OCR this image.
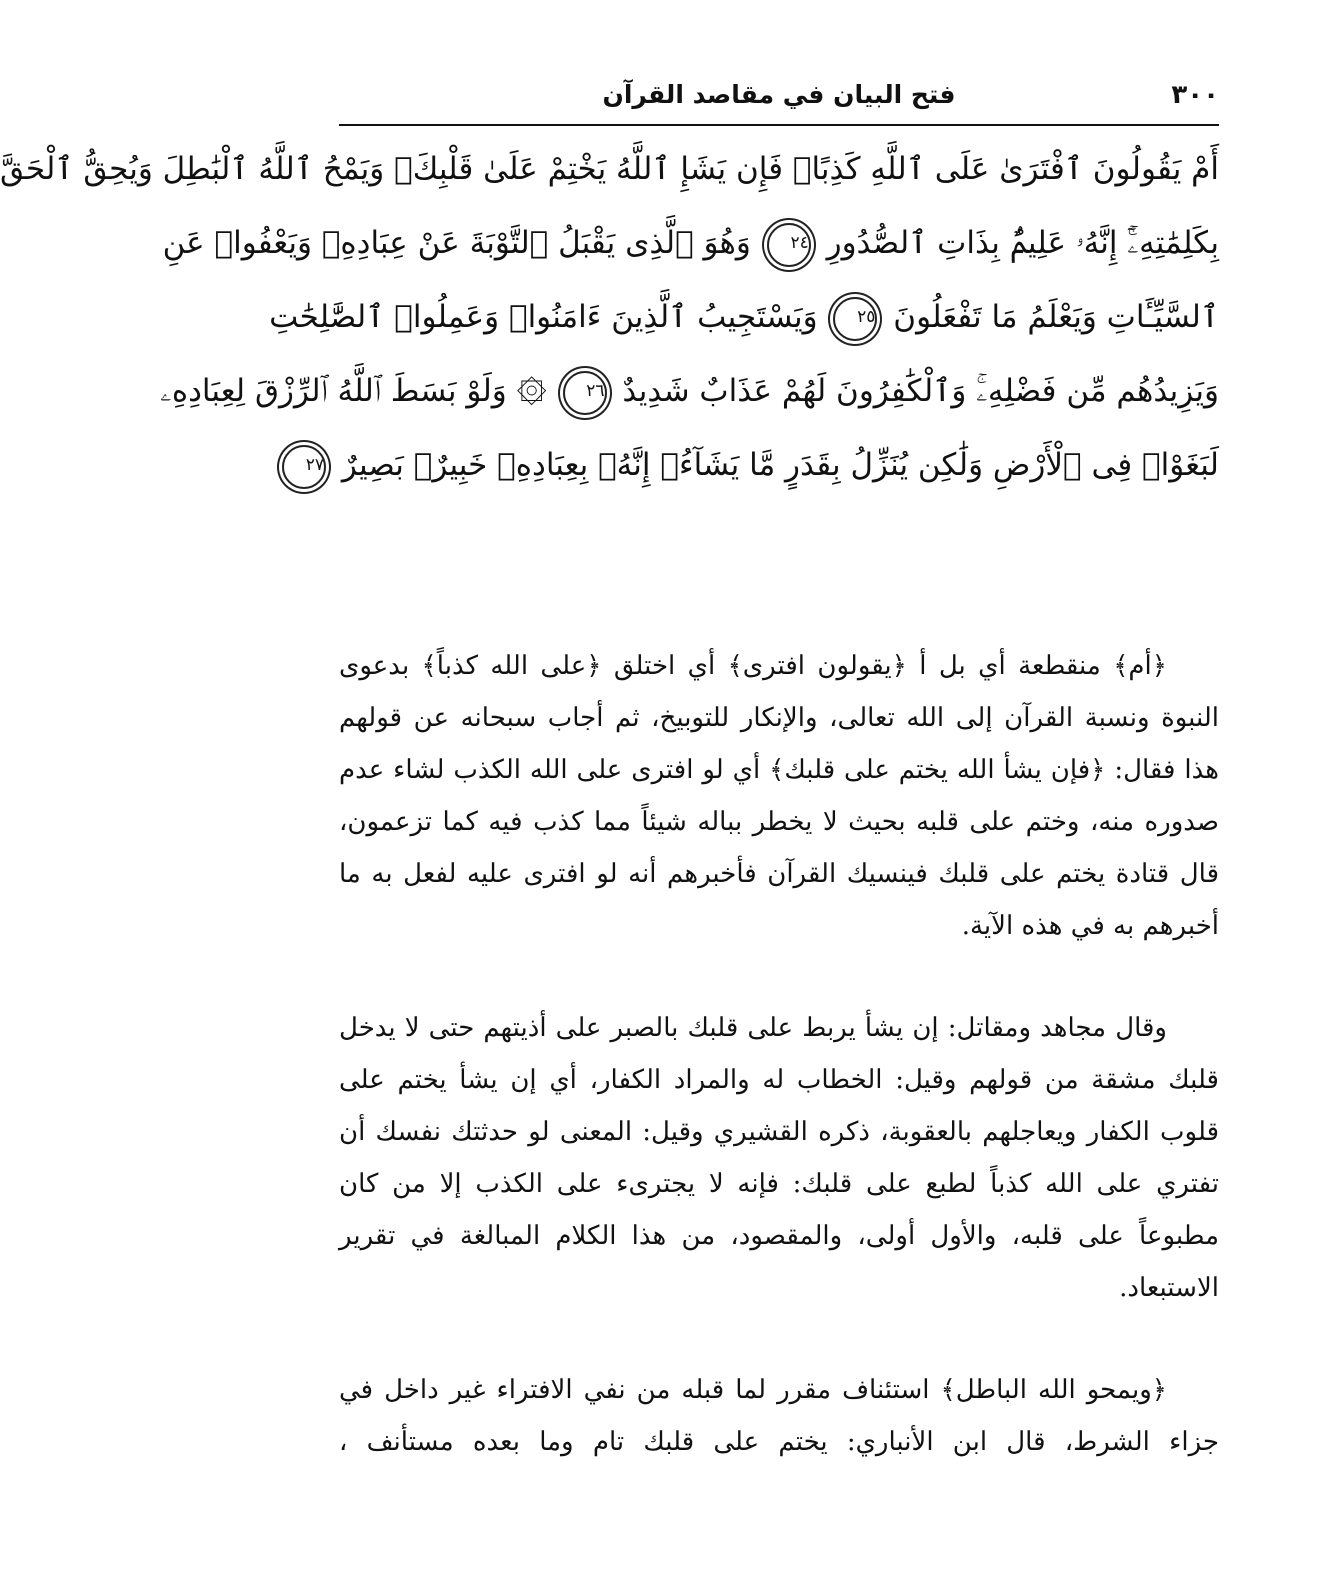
٣٠٠
فتح البيان في مقاصد القرآن
أَمْ يَقُولُونَ ٱفْتَرَىٰ عَلَى ٱللَّهِ كَذِبًاۖ فَإِن يَشَإِ ٱللَّهُ يَخْتِمْ عَلَىٰ قَلْبِكَۗ وَيَمْحُ ٱللَّهُ ٱلْبَٰطِلَ وَيُحِقُّ ٱلْحَقَّ
بِكَلِمَٰتِهِۦٓۚ إِنَّهُۥ عَلِيمٌۢ بِذَاتِ ٱلصُّدُورِ ٢٤ وَهُوَ ٱلَّذِى يَقْبَلُ ٱلتَّوْبَةَ عَنْ عِبَادِهِۦ وَيَعْفُوا۟ عَنِ
ٱلسَّيِّـَٔاتِ وَيَعْلَمُ مَا تَفْعَلُونَ ٢٥ وَيَسْتَجِيبُ ٱلَّذِينَ ءَامَنُوا۟ وَعَمِلُوا۟ ٱلصَّٰلِحَٰتِ
وَيَزِيدُهُم مِّن فَضْلِهِۦۚ وَٱلْكَٰفِرُونَ لَهُمْ عَذَابٌ شَدِيدٌ ٢٦ ۞ وَلَوْ بَسَطَ ٱللَّهُ ٱلرِّزْقَ لِعِبَادِهِۦ
لَبَغَوْا۟ فِى ٱلْأَرْضِ وَلَٰكِن يُنَزِّلُ بِقَدَرٍ مَّا يَشَآءُۚ إِنَّهُۥ بِعِبَادِهِۦ خَبِيرٌۢ بَصِيرٌ ٢٧

﴿أم﴾ منقطعة أي بل أ ﴿يقولون افترى﴾ أي اختلق ﴿على الله كذباً﴾ بدعوى النبوة ونسبة القرآن إلى الله تعالى، والإنكار للتوبيخ، ثم أجاب سبحانه عن قولهم هذا فقال: ﴿فإن يشأ الله يختم على قلبك﴾ أي لو افترى على الله الكذب لشاء عدم صدوره منه، وختم على قلبه بحيث لا يخطر بباله شيئاً مما كذب فيه كما تزعمون، قال قتادة يختم على قلبك فينسيك القرآن فأخبرهم أنه لو افترى عليه لفعل به ما أخبرهم به في هذه الآية.

وقال مجاهد ومقاتل: إن يشأ يربط على قلبك بالصبر على أذيتهم حتى لا يدخل قلبك مشقة من قولهم وقيل: الخطاب له والمراد الكفار، أي إن يشأ يختم على قلوب الكفار ويعاجلهم بالعقوبة، ذكره القشيري وقيل: المعنى لو حدثتك نفسك أن تفتري على الله كذباً لطبع على قلبك: فإنه لا يجترىء على الكذب إلا من كان مطبوعاً على قلبه، والأول أولى، والمقصود، من هذا الكلام المبالغة في تقرير الاستبعاد.

﴿ويمحو الله الباطل﴾ استئناف مقرر لما قبله من نفي الافتراء غير داخل في جزاء الشرط، قال ابن الأنباري: يختم على قلبك تام وما بعده مستأنف ،
